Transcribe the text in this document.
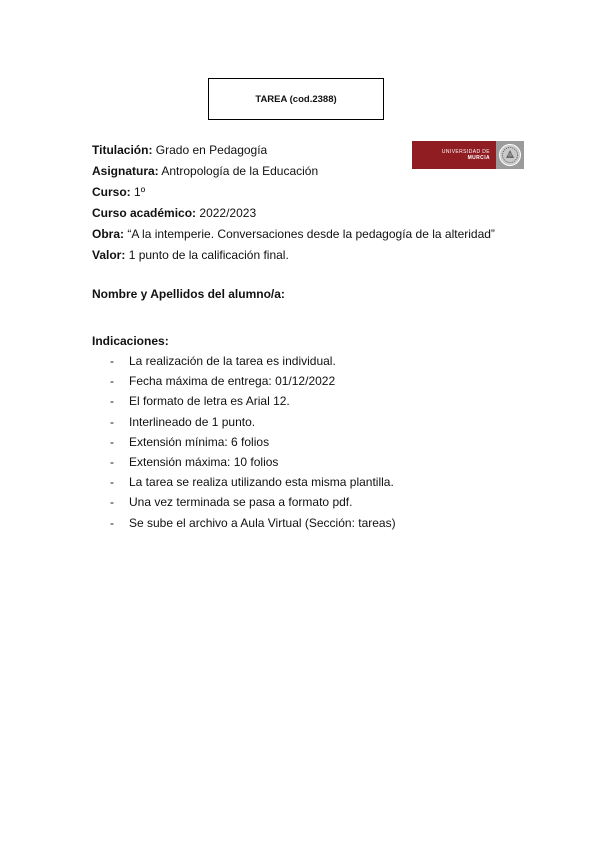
TAREA (cod.2388)
UNIVERSIDAD DE
MURCIA
Titulación: Grado en Pedagogía
Asignatura: Antropología de la Educación
Curso: 1º
Curso académico: 2022/2023
Obra: “A la intemperie. Conversaciones desde la pedagogía de la alteridad”
Valor: 1 punto de la calificación final.
Nombre y Apellidos del alumno/a:
Indicaciones:
-	La realización de la tarea es individual.
-	Fecha máxima de entrega: 01/12/2022
-	El formato de letra es Arial 12.
-	Interlineado de 1 punto.
-	Extensión mínima: 6 folios
-	Extensión máxima: 10 folios
-	La tarea se realiza utilizando esta misma plantilla.
-	Una vez terminada se pasa a formato pdf.
-	Se sube el archivo a Aula Virtual (Sección: tareas)
